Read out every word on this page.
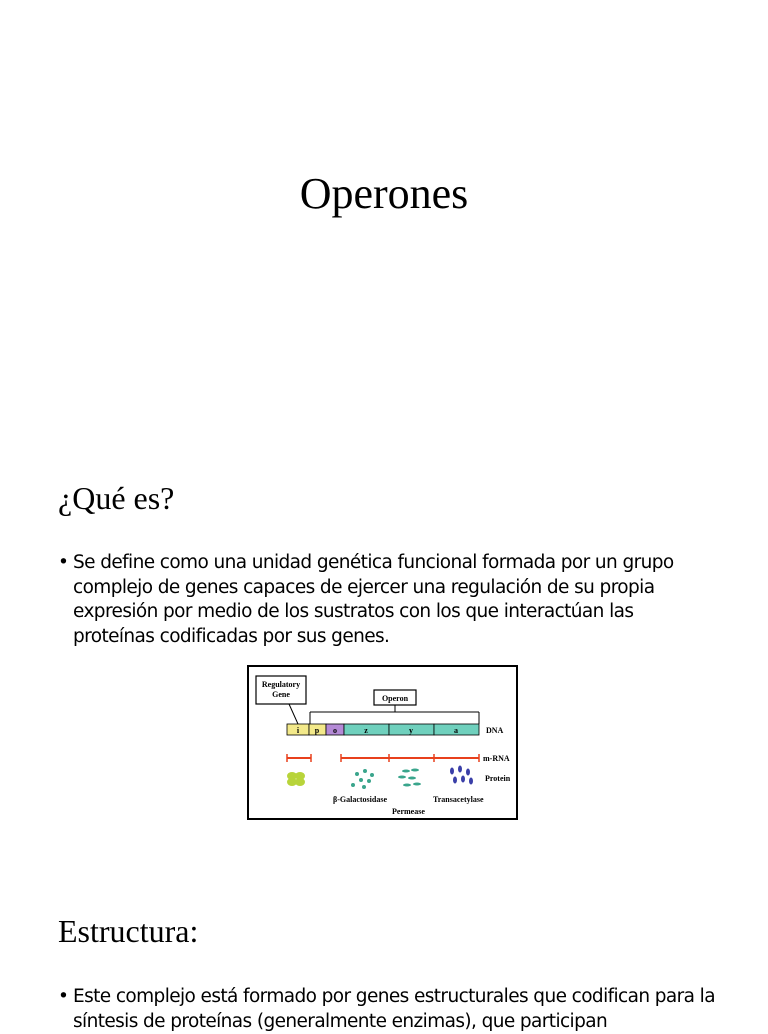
Operones
¿Qué es?
• Se define como una unidad genética funcional formada por un grupo complejo de genes capaces de ejercer una regulación de su propia expresión por medio de los sustratos con los que interactúan las proteínas codificadas por sus genes.
Regulatory
Gene	Operon
i p o	z	y	a	DNA
m-RNA
Protein
β-Galactosidase	Transacetylase
Permease
Estructura:
• Este complejo está formado por genes estructurales que codifican para la síntesis de proteínas (generalmente enzimas), que participan
